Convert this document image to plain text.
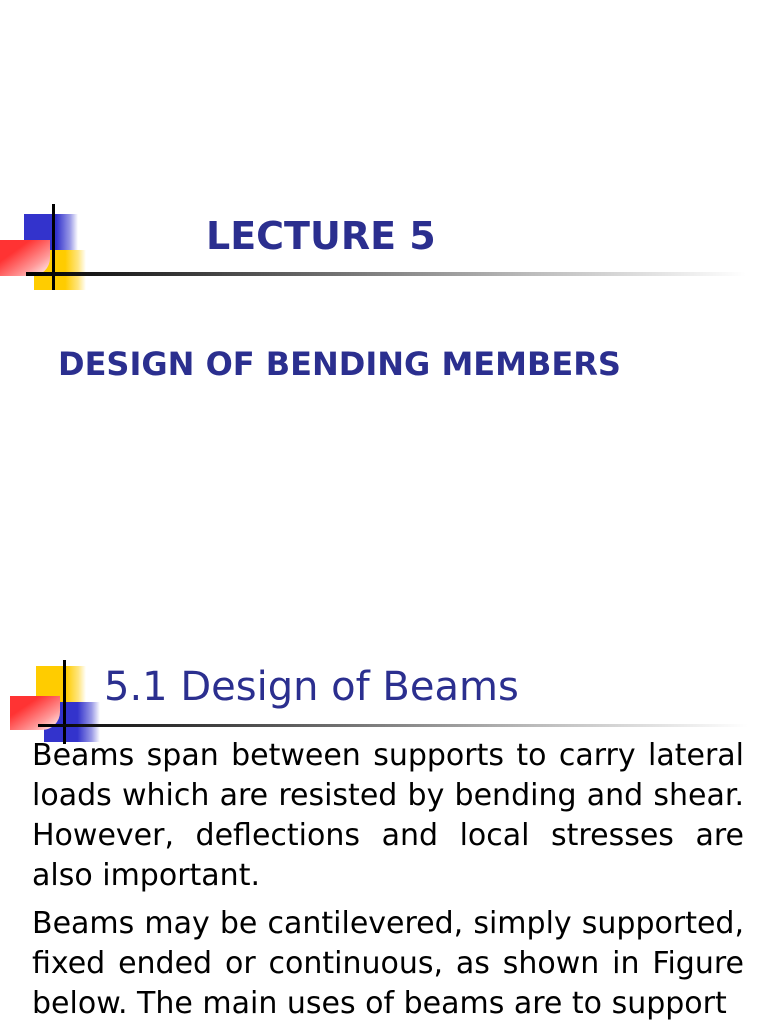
LECTURE 5
DESIGN OF BENDING MEMBERS
5.1 Design of Beams

Beams span between supports to carry lateral loads which are resisted by bending and shear. However, deflections and local stresses are also important.

Beams may be cantilevered, simply supported, fixed ended or continuous, as shown in Figure below. The main uses of beams are to support
